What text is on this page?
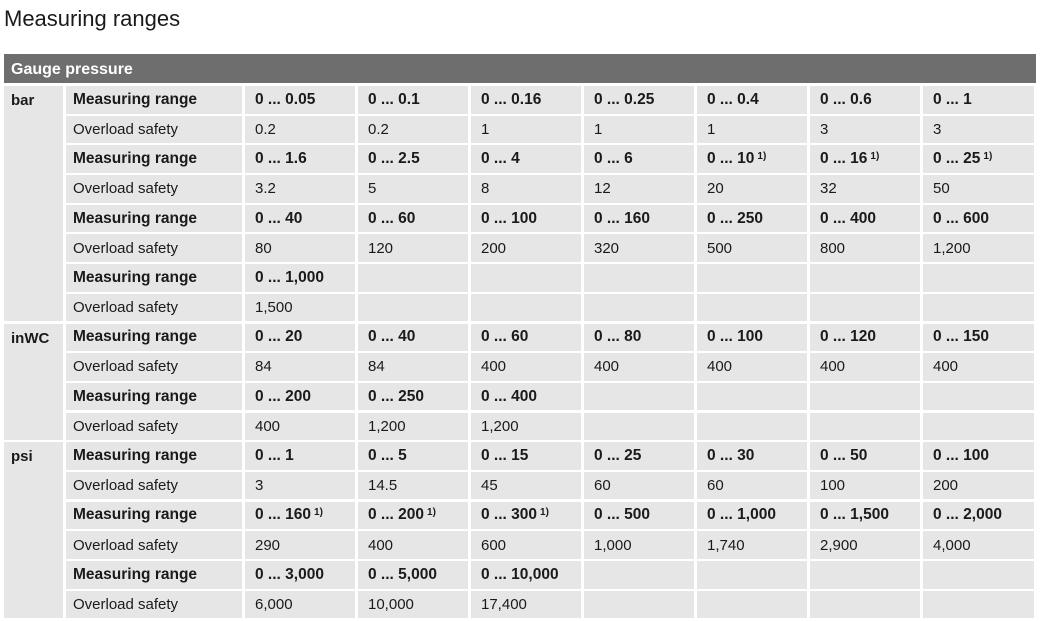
Measuring ranges
Gauge pressure
bar	Measuring range	0 ... 0.05	0 ... 0.1	0 ... 0.16	0 ... 0.25	0 ... 0.4	0 ... 0.6	0 ... 1
Overload safety	0.2	0.2	1	1	1	3	3
Measuring range	0 ... 1.6	0 ... 2.5	0 ... 4	0 ... 6	0 ... 10 $^{1)}$	0 ... 16 $^{1)}$	0 ... 25 $^{1)}$
Overload safety	3.2	5	8	12	20	32	50
Measuring range	0 ... 40	0 ... 60	0 ... 100	0 ... 160	0 ... 250	0 ... 400	0 ... 600
Overload safety	80	120	200	320	500	800	1,200
Measuring range	0 ... 1,000
Overload safety	1,500
inWC	Measuring range	0 ... 20	0 ... 40	0 ... 60	0 ... 80	0 ... 100	0 ... 120	0 ... 150
Overload safety	84	84	400	400	400	400	400
Measuring range	0 ... 200	0 ... 250	0 ... 400
Overload safety	400	1,200	1,200
psi	Measuring range	0 ... 1	0 ... 5	0 ... 15	0 ... 25	0 ... 30	0 ... 50	0 ... 100
Overload safety	3	14.5	45	60	60	100	200
Measuring range	0 ... 160 $^{1)}$	0 ... 200 $^{1)}$	0 ... 300 $^{1)}$	0 ... 500	0 ... 1,000	0 ... 1,500	0 ... 2,000
Overload safety	290	400	600	1,000	1,740	2,900	4,000
Measuring range	0 ... 3,000	0 ... 5,000	0 ... 10,000
Overload safety	6,000	10,000	17,400
